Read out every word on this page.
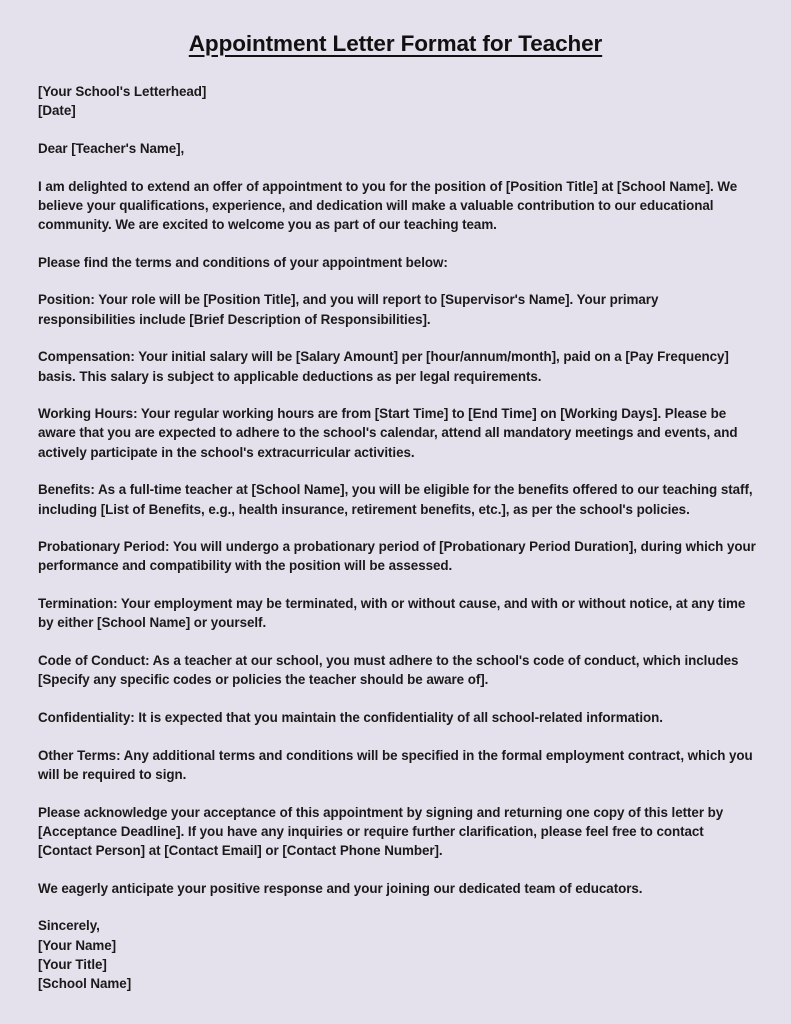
Appointment Letter Format for Teacher

[Your School's Letterhead]

[Date]

Dear [Teacher's Name],

I am delighted to extend an offer of appointment to you for the position of [Position Title] at [School Name]. We believe your qualifications, experience, and dedication will make a valuable contribution to our educational community. We are excited to welcome you as part of our teaching team.

Please find the terms and conditions of your appointment below:

Position: Your role will be [Position Title], and you will report to [Supervisor's Name]. Your primary responsibilities include [Brief Description of Responsibilities].

Compensation: Your initial salary will be [Salary Amount] per [hour/annum/month], paid on a [Pay Frequency] basis. This salary is subject to applicable deductions as per legal requirements.

Working Hours: Your regular working hours are from [Start Time] to [End Time] on [Working Days]. Please be aware that you are expected to adhere to the school's calendar, attend all mandatory meetings and events, and actively participate in the school's extracurricular activities.

Benefits: As a full-time teacher at [School Name], you will be eligible for the benefits offered to our teaching staff, including [List of Benefits, e.g., health insurance, retirement benefits, etc.], as per the school's policies.

Probationary Period: You will undergo a probationary period of [Probationary Period Duration], during which your performance and compatibility with the position will be assessed.

Termination: Your employment may be terminated, with or without cause, and with or without notice, at any time by either [School Name] or yourself.

Code of Conduct: As a teacher at our school, you must adhere to the school's code of conduct, which includes [Specify any specific codes or policies the teacher should be aware of].

Confidentiality: It is expected that you maintain the confidentiality of all school-related information.

Other Terms: Any additional terms and conditions will be specified in the formal employment contract, which you will be required to sign.

Please acknowledge your acceptance of this appointment by signing and returning one copy of this letter by [Acceptance Deadline]. If you have any inquiries or require further clarification, please feel free to contact [Contact Person] at [Contact Email] or [Contact Phone Number].

We eagerly anticipate your positive response and your joining our dedicated team of educators.

Sincerely,

[Your Name]

[Your Title]

[School Name]
